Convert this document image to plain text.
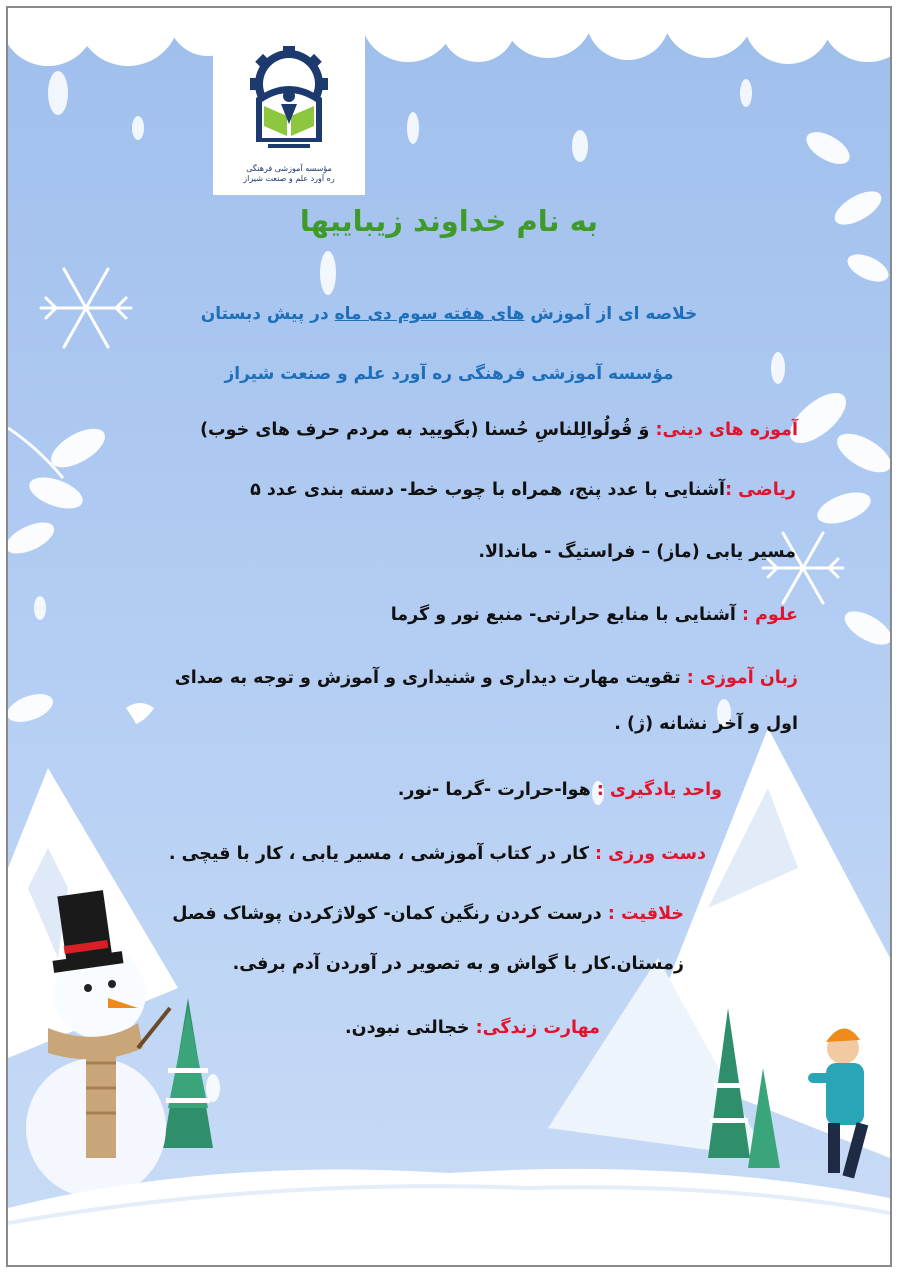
مؤسسه آموزشی فرهنگی
ره آورد علم و صنعت شیراز
به نام خداوند زیباییها
خلاصه ای از آموزش های هفته سوم دی ماه در پیش دبستان
مؤسسه آموزشی فرهنگی ره آورد علم و صنعت شیراز
آموزه های دینی: وَ قُولُوا‌لِلناسِ حُسنا (بگویید به مردم حرف های خوب)
ریاضی :آشنایی با عدد پنج، همراه با چوب خط- دسته بندی عدد ۵
مسیر یابی (ماز) – فراستیگ - ماندالا.
علوم : آشنایی با منابع حرارتی- منبع نور و گرما
زبان آموزی : تقویت مهارت دیداری و شنیداری و آموزش و توجه به صدای
اول و آخر نشانه (ژ) .
واحد یادگیری : هوا-حرارت -گرما -نور.
دست ورزی : کار در کتاب آموزشی ، مسیر یابی ، کار با قیچی .
خلاقیت : درست کردن رنگین کمان- کولاژکردن پوشاک فصل
زمستان.کار با گواش و به تصویر در آوردن آدم برفی.
مهارت زندگی: خجالتی نبودن.
